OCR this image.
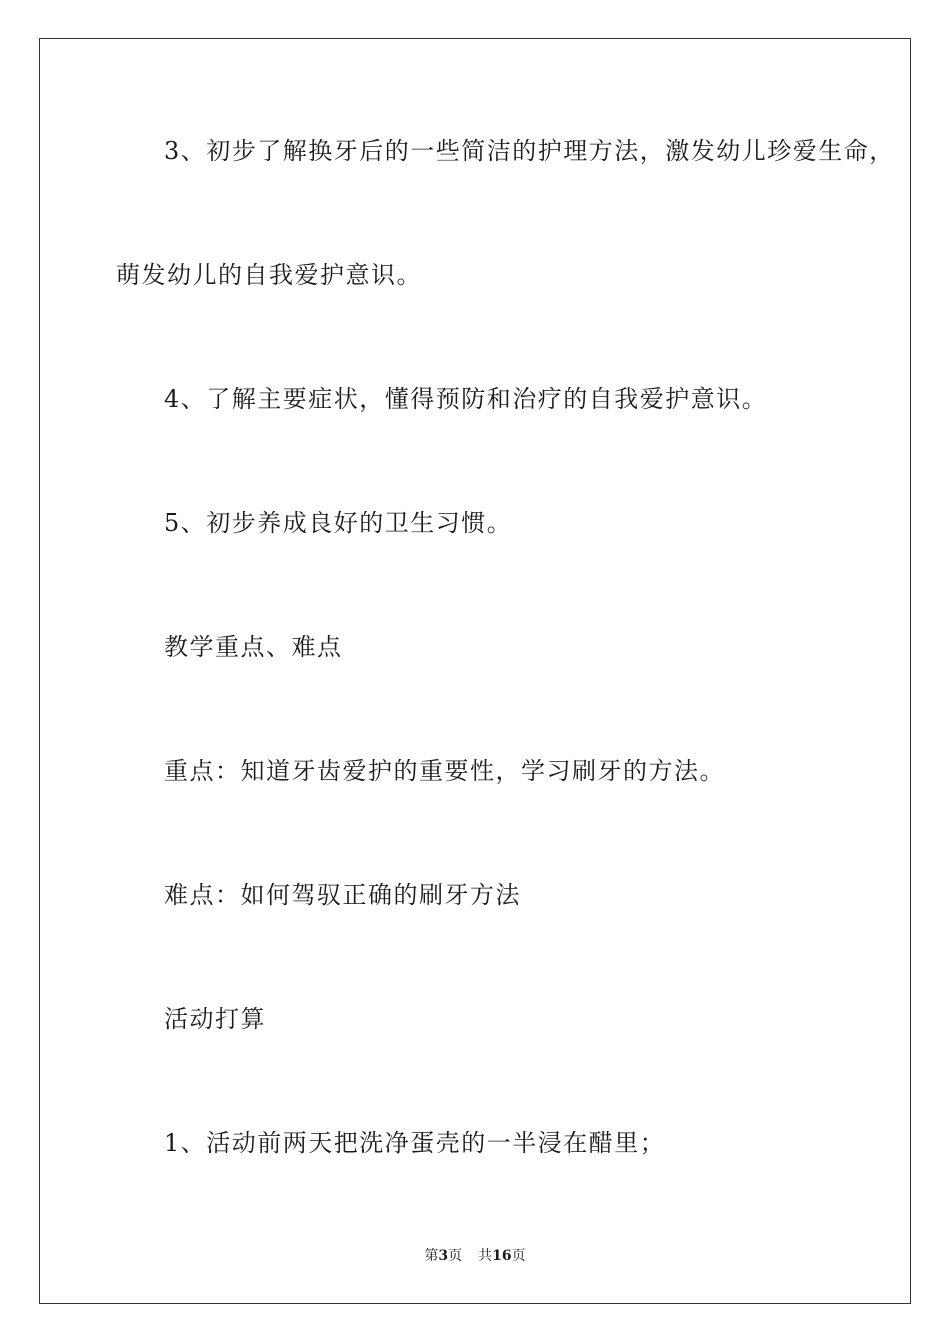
3、初步了解换牙后的一些简洁的护理方法，激发幼儿珍爱生命，
萌发幼儿的自我爱护意识。
4、了解主要症状，懂得预防和治疗的自我爱护意识。
5、初步养成良好的卫生习惯。
教学重点、难点
重点：知道牙齿爱护的重要性，学习刷牙的方法。
难点：如何驾驭正确的刷牙方法
活动打算
1、活动前两天把洗净蛋壳的一半浸在醋里；
第3页 共16页
